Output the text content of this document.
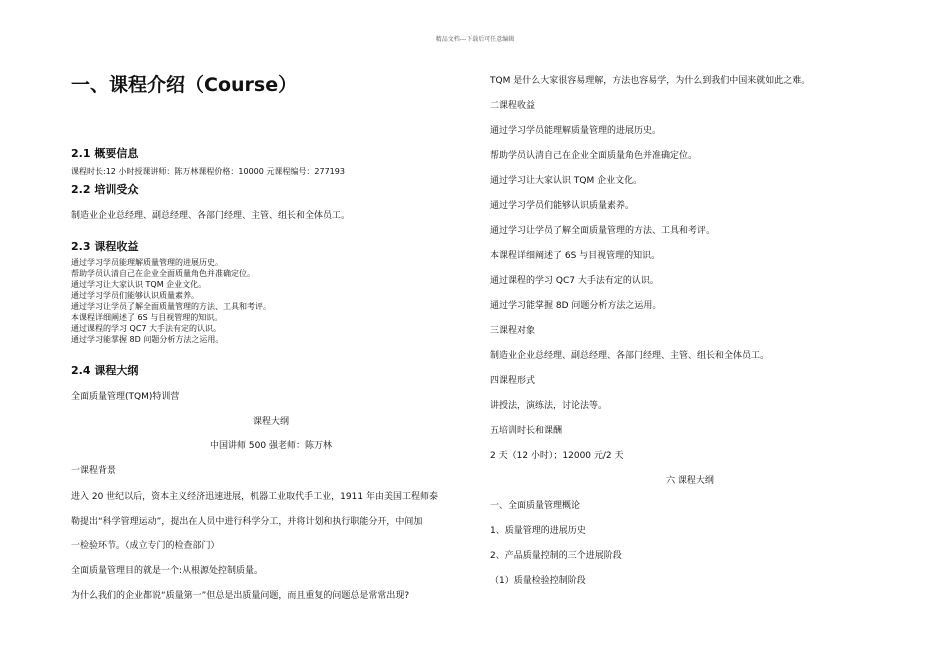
精品文档---下载后可任意编辑
一、课程介绍（Course）
2.1 概要信息
课程时长:12 小时授课讲师：陈万林课程价格：10000 元课程编号：277193
2.2 培训受众
制造业企业总经理、副总经理、各部门经理、主管、组长和全体员工。
2.3 课程收益
通过学习学员能理解质量管理的进展历史。
帮助学员认清自己在企业全面质量角色并准确定位。
通过学习让大家认识 TQM 企业文化。
通过学习学员们能够认识质量素养。
通过学习让学员了解全面质量管理的方法、工具和考评。
本课程详细阐述了 6S 与目视管理的知识。
通过课程的学习 QC7 大手法有定的认识。
通过学习能掌握 8D 问题分析方法之运用。
2.4 课程大纲
全面质量管理(TQM)特训营
课程大纲
中国讲师 500 强老师：陈万林
一课程背景
进入 20 世纪以后，资本主义经济迅速进展，机器工业取代手工业，1911 年由美国工程师泰
勒提出“科学管理运动”，提出在人员中进行科学分工，并将计划和执行职能分开，中间加
一检验环节。（成立专门的检查部门）
全面质量管理目的就是一个:从根源处控制质量。
为什么我们的企业都说“质量第一”但总是出质量问题，而且重复的问题总是常常出现?
TQM 是什么大家很容易理解，方法也容易学，为什么到我们中国来就如此之难。
二课程收益
通过学习学员能理解质量管理的进展历史。
帮助学员认清自己在企业全面质量角色并准确定位。
通过学习让大家认识 TQM 企业文化。
通过学习学员们能够认识质量素养。
通过学习让学员了解全面质量管理的方法、工具和考评。
本课程详细阐述了 6S 与目视管理的知识。
通过课程的学习 QC7 大手法有定的认识。
通过学习能掌握 8D 问题分析方法之运用。
三课程对象
制造业企业总经理、副总经理、各部门经理、主管、组长和全体员工。
四课程形式
讲授法，演练法，讨论法等。
五培训时长和课酬
2 天（12 小时）；12000 元/2 天
六 课程大纲
一、全面质量管理概论
1、质量管理的进展历史
2、产品质量控制的三个进展阶段
（1）质量检验控制阶段
